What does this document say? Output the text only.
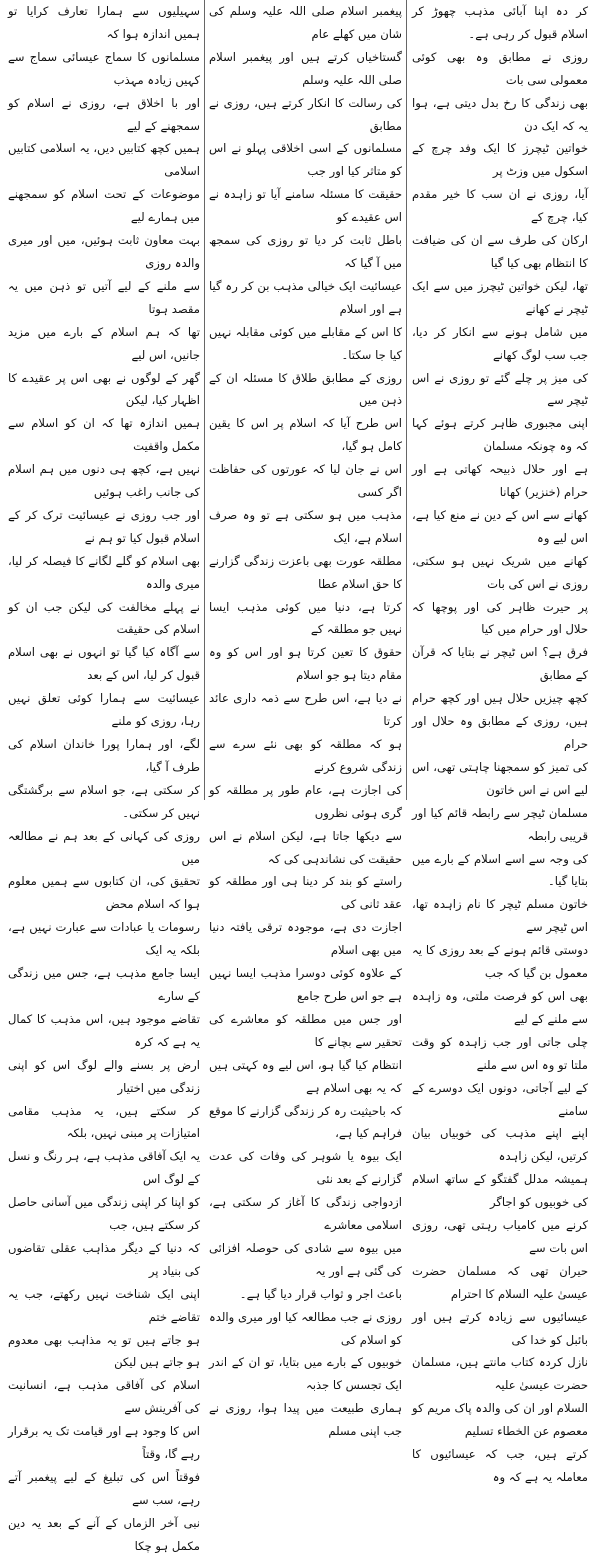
کر دہ اپنا آبائی مذہب چھوڑ کر اسلام قبول کر رہی ہے۔
روزی نے مطابق وہ بھی کوئی معمولی سی بات
بھی زندگی کا رخ بدل دیتی ہے، ہوا یہ کہ ایک دن
خواتین ٹیچرز کا ایک وفد چرچ کے اسکول میں وزٹ پر
آیا، روزی نے ان سب کا خیر مقدم کیا، چرچ کے
ارکان کی طرف سے ان کی ضیافت کا انتظام بھی کیا گیا
تھا، لیکن خواتین ٹیچرز میں سے ایک ٹیچر نے کھانے
میں شامل ہونے سے انکار کر دیا، جب سب لوگ کھانے
کی میز پر چلے گئے تو روزی نے اس ٹیچر سے
اپنی مجبوری ظاہر کرتے ہوئے کہا کہ وہ چونکہ مسلمان
ہے اور حلال ذبیحہ کھاتی ہے اور حرام (خنزیر) کھانا
کھانے سے اس کے دین نے منع کیا ہے، اس لیے وہ
کھانے میں شریک نہیں ہو سکتی، روزی نے اس کی بات
پر حیرت ظاہر کی اور پوچھا کہ حلال اور حرام میں کیا
فرق ہے؟ اس ٹیچر نے بتایا کہ قرآن کے مطابق
کچھ چیزیں حلال ہیں اور کچھ حرام ہیں، روزی کے مطابق وہ حلال اور حرام
کی تمیز کو سمجھنا چاہتی تھی، اس لیے اس نے اس خاتون
مسلمان ٹیچر سے رابطہ قائم کیا اور قریبی رابطہ
کی وجہ سے اسے اسلام کے بارے میں بتایا گیا۔
خاتون مسلم ٹیچر کا نام زاہدہ تھا، اس ٹیچر سے
دوستی قائم ہونے کے بعد روزی کا یہ معمول بن گیا کہ جب
بھی اس کو فرصت ملتی، وہ زاہدہ سے ملنے کے لیے
چلی جاتی اور جب زاہدہ کو وقت ملتا تو وہ اس سے ملنے
کے لیے آجاتی، دونوں ایک دوسرے کے سامنے
اپنے اپنے مذہب کی خوبیاں بیان کرتیں، لیکن زاہدہ
ہمیشہ مدلل گفتگو کے ساتھ اسلام کی خوبیوں کو اجاگر
کرنے میں کامیاب رہتی تھی، روزی اس بات سے
حیران تھی کہ مسلمان حضرت عیسیٰ علیہ السلام کا احترام
عیسائیوں سے زیادہ کرتے ہیں اور بائبل کو خدا کی
نازل کردہ کتاب مانتے ہیں، مسلمان حضرت عیسیٰ علیہ
السلام اور ان کی والدہ پاک مریم کو معصوم عن الخطاء تسلیم
کرتے ہیں، جب کہ عیسائیوں کا معاملہ یہ ہے کہ وہ
پیغمبر اسلام صلی اللہ علیہ وسلم کی شان میں کھلے عام
گستاخیاں کرتے ہیں اور پیغمبر اسلام صلی اللہ علیہ وسلم
کی رسالت کا انکار کرتے ہیں، روزی نے مطابق
مسلمانوں کے اسی اخلاقی پہلو نے اس کو متاثر کیا اور جب
حقیقت کا مسئلہ سامنے آیا تو زاہدہ نے اس عقیدے کو
باطل ثابت کر دیا تو روزی کی سمجھ میں آ گیا کہ
عیسائیت ایک خیالی مذہب بن کر رہ گیا ہے اور اسلام
کا اس کے مقابلے میں کوئی مقابلہ نہیں کیا جا سکتا۔
روزی کے مطابق طلاق کا مسئلہ ان کے ذہن میں
اس طرح آیا کہ اسلام پر اس کا یقین کامل ہو گیا،
اس نے جان لیا کہ عورتوں کی حفاظت اگر کسی
مذہب میں ہو سکتی ہے تو وہ صرف اسلام ہے، ایک
مطلقہ عورت بھی باعزت زندگی گزارنے کا حق اسلام عطا
کرتا ہے، دنیا میں کوئی مذہب ایسا نہیں جو مطلقہ کے
حقوق کا تعین کرتا ہو اور اس کو وہ مقام دیتا ہو جو اسلام
نے دیا ہے، اس طرح سے ذمہ داری عائد کرتا
ہو کہ مطلقہ کو بھی نئے سرے سے زندگی شروع کرنے
کی اجازت ہے، عام طور پر مطلقہ کو گری ہوئی نظروں
سے دیکھا جاتا ہے، لیکن اسلام نے اس حقیقت کی نشاندہی کی کہ
راستے کو بند کر دینا ہی اور مطلقہ کو عقد ثانی کی
اجازت دی ہے، موجودہ ترقی یافتہ دنیا میں بھی اسلام
کے علاوہ کوئی دوسرا مذہب ایسا نہیں ہے جو اس طرح جامع
اور جس میں مطلقہ کو معاشرے کی تحقیر سے بچانے کا
انتظام کیا گیا ہو، اس لیے وہ کہتی ہیں کہ یہ بھی اسلام ہے
کہ باحیثیت رہ کر زندگی گزارنے کا موقع فراہم کیا ہے،
ایک بیوہ یا شوہر کی وفات کی عدت گزارنے کے بعد نئی
ازدواجی زندگی کا آغاز کر سکتی ہے، اسلامی معاشرے
میں بیوہ سے شادی کی حوصلہ افزائی کی گئی ہے اور یہ
باعث اجر و ثواب قرار دیا گیا ہے۔
روزی نے جب مطالعہ کیا اور میری والدہ کو اسلام کی
خوبیوں کے بارے میں بتایا، تو ان کے اندر ایک تجسس کا جذبہ
ہماری طبیعت میں پیدا ہوا، روزی نے جب اپنی مسلم
سہیلیوں سے ہمارا تعارف کرایا تو ہمیں اندازہ ہوا کہ
مسلمانوں کا سماج عیسائی سماج سے کہیں زیادہ مہذب
اور با اخلاق ہے، روزی نے اسلام کو سمجھنے کے لیے
ہمیں کچھ کتابیں دیں، یہ اسلامی کتابیں اسلامی
موضوعات کے تحت اسلام کو سمجھنے میں ہمارے لیے
بہت معاون ثابت ہوئیں، میں اور میری والدہ روزی
سے ملنے کے لیے آتیں تو ذہن میں یہ مقصد ہوتا
تھا کہ ہم اسلام کے بارے میں مزید جانیں، اس لیے
گھر کے لوگوں نے بھی اس پر عقیدے کا اظہار کیا، لیکن
ہمیں اندازہ تھا کہ ان کو اسلام سے مکمل واقفیت
نہیں ہے، کچھ ہی دنوں میں ہم اسلام کی جانب راغب ہوئیں
اور جب روزی نے عیسائیت ترک کر کے اسلام قبول کیا تو ہم نے
بھی اسلام کو گلے لگانے کا فیصلہ کر لیا، میری والدہ
نے پہلے مخالفت کی لیکن جب ان کو اسلام کی حقیقت
سے آگاہ کیا گیا تو انہوں نے بھی اسلام قبول کر لیا، اس کے بعد
عیسائیت سے ہمارا کوئی تعلق نہیں رہا، روزی کو ملنے
لگے، اور ہمارا پورا خاندان اسلام کی طرف آ گیا،
کر سکتی ہے، جو اسلام سے برگشتگی نہیں کر سکتی۔
روزی کی کہانی کے بعد ہم نے مطالعہ میں
تحقیق کی، ان کتابوں سے ہمیں معلوم ہوا کہ اسلام محض
رسومات یا عبادات سے عبارت نہیں ہے، بلکہ یہ ایک
ایسا جامع مذہب ہے، جس میں زندگی کے سارے
تقاضے موجود ہیں، اس مذہب کا کمال یہ ہے کہ کرہ
ارض پر بسنے والے لوگ اس کو اپنی زندگی میں اختیار
کر سکتے ہیں، یہ مذہب مقامی امتیازات پر مبنی نہیں، بلکہ
یہ ایک آفاقی مذہب ہے، ہر رنگ و نسل کے لوگ اس
کو اپنا کر اپنی زندگی میں آسانی حاصل کر سکتے ہیں، جب
کہ دنیا کے دیگر مذاہب عقلی تقاضوں کی بنیاد پر
اپنی ایک شناخت نہیں رکھتے، جب یہ تقاضے ختم
ہو جاتے ہیں تو یہ مذاہب بھی معدوم ہو جاتے ہیں لیکن
اسلام کی آفاقی مذہب ہے، انسانیت کی آفرینش سے
اس کا وجود ہے اور قیامت تک یہ برقرار رہے گا، وقتاً
فوقتاً اس کی تبلیغ کے لیے پیغمبر آتے رہے، سب سے
نبی آخر الزماں کے آنے کے بعد یہ دین مکمل ہو چکا
